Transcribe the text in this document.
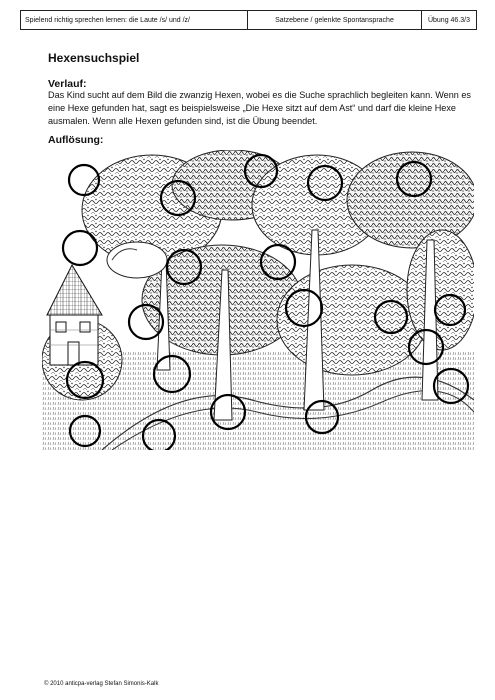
Spielend richtig sprechen lernen: die Laute /s/ und /z/	Satzebene / gelenkte Spontansprache	Übung 46.3/3
Hexensuchspiel
Verlauf:
Das Kind sucht auf dem Bild die zwanzig Hexen, wobei es die Suche sprachlich begleiten kann. Wenn es eine Hexe gefunden hat, sagt es beispielsweise „Die Hexe sitzt auf dem Ast“ und darf die kleine Hexe ausmalen. Wenn alle Hexen gefunden sind, ist die Übung beendet.
Auflösung:
© 2010 anticpa-verlag Stefan Simonis-Kalk
